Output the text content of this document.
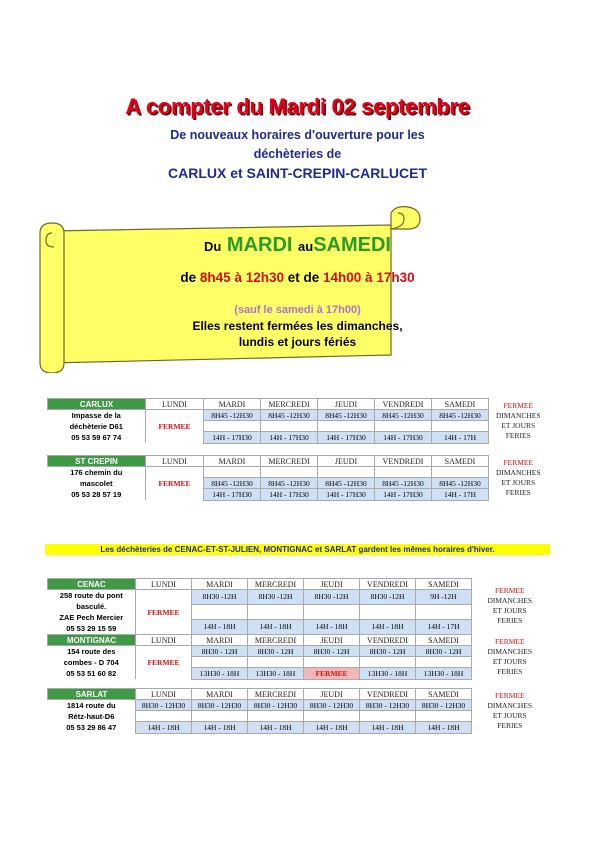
A compter du Mardi 02 septembre
De nouveaux horaires d'ouverture pour les
déchèteries de
CARLUX et SAINT-CREPIN-CARLUCET
Du MARDI auSAMEDI
de 8h45 à 12h30 et de 14h00 à 17h30
(sauf le samedi à 17h00)
Elles restent fermées les dimanches,
lundis et jours fériés
CARLUX	LUNDI	MARDI	MERCREDI	JEUDI	VENDREDI	SAMEDI	FERMEE
DIMANCHES
ET JOURS
FERIES
Impasse de la
déchèterie D61
05 53 59 67 74	FERMEE	8H45 -12H30	8H45 -12H30	8H45 -12H30	8H45 -12H30	8H45 -12H30	

		14H - 17H30	14H - 17H30	14H - 17H30	14H - 17H30	14H - 17H	
ST CREPIN	LUNDI	MARDI	MERCREDI	JEUDI	VENDREDI	SAMEDI	FERMEE
DIMANCHES
ET JOURS
FERIES
176 chemin du
mascolet
05 53 28 57 19	FERMEE						
		8H45 -12H30	8H45 -12H30	8H45 -12H30	8H45 -12H30	8H45 -12H30	
		14H - 17H30	14H - 17H30	14H - 17H30	14H - 17H30	14H - 17H	
Les déchèteries de CENAC-ET-ST-JULIEN, MONTIGNAC et SARLAT gardent les mêmes horaires d'hiver.
CENAC	LUNDI	MARDI	MERCREDI	JEUDI	VENDREDI	SAMEDI	FERMEE
DIMANCHES
ET JOURS
FERIES
258 route du pont
basculé.
ZAE Pech Mercier
05 53 29 15 59	FERMEE	8H30 -12H	8H30 -12H	8H30 -12H	8H30 -12H	9H -12H	

		14H - 18H	14H - 18H	14H - 18H	14H - 18H	14H - 17H	
MONTIGNAC	LUNDI	MARDI	MERCREDI	JEUDI	VENDREDI	SAMEDI	FERMEE
DIMANCHES
ET JOURS
FERIES
154 route des
combes - D 704
05 53 51 60 82	FERMEE	8H30 - 12H	8H30 - 12H	8H30 - 12H	8H30 - 12H	8H30 - 12H	

		13H30 - 18H	13H30 - 18H	FERMEE	13H30 - 18H	13H30 - 18H	
SARLAT	LUNDI	MARDI	MERCREDI	JEUDI	VENDREDI	SAMEDI	FERMEE
DIMANCHES
ET JOURS
FERIES
1814 route du
Rétz-haut-D6
05 53 29 86 47	8H30 - 12H30	8H30 - 12H30	8H30 - 12H30	8H30 - 12H30	8H30 - 12H30	8H30 - 12H30	

	14H - 18H	14H - 18H	14H - 18H	14H - 18H	14H - 18H	14H - 18H	
